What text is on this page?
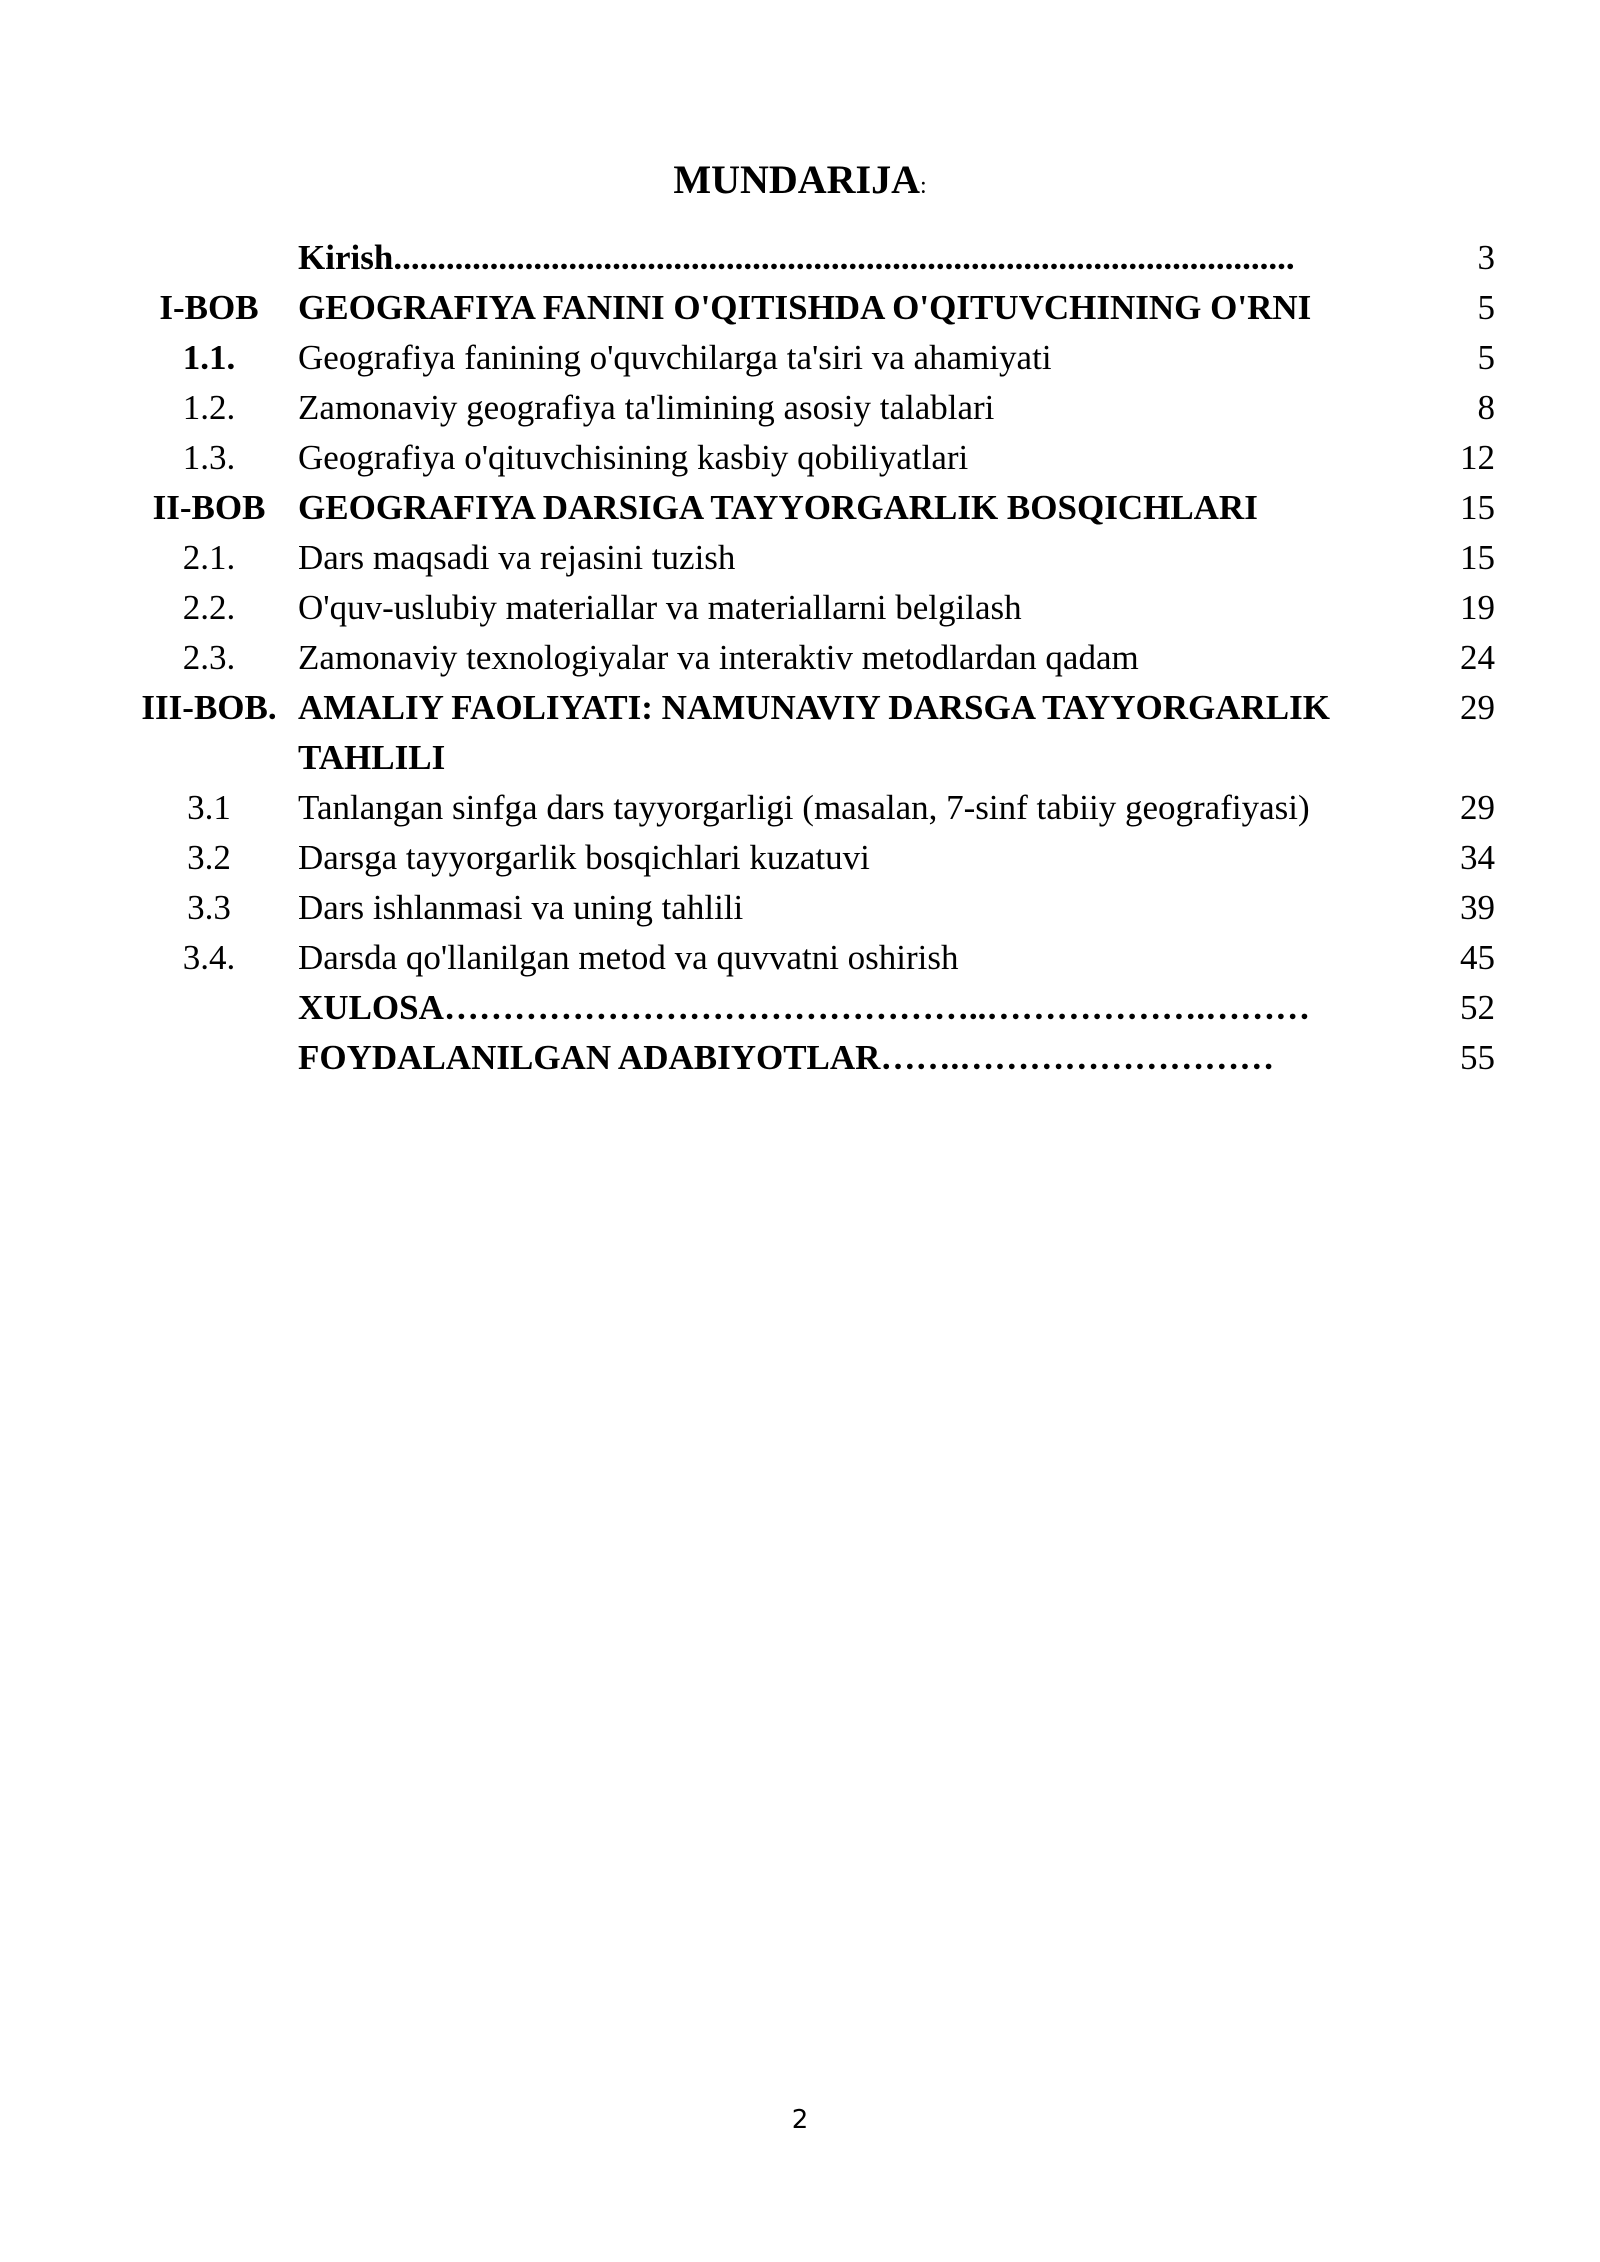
MUNDARIJA:
	Kirish.......................................................................................................	3
I-BOB	GEOGRAFIYA FANINI O'QITISHDA O'QITUVCHINING O'RNI	5
1.1.	Geografiya fanining o'quvchilarga ta'siri va ahamiyati	5
1.2.	Zamonaviy geografiya ta'limining asosiy talablari	8
1.3.	Geografiya o'qituvchisining kasbiy qobiliyatlari	12
II-BOB	GEOGRAFIYA DARSIGA TAYYORGARLIK BOSQICHLARI	15
2.1.	Dars maqsadi va rejasini tuzish	15
2.2.	O'quv-uslubiy materiallar va materiallarni belgilash	19
2.3.	Zamonaviy texnologiyalar va interaktiv metodlardan qadam	24
III-BOB.	AMALIY FAOLIYATI: NAMUNAVIY DARSGA TAYYORGARLIK TAHLILI	29
3.1	Tanlangan sinfga dars tayyorgarligi (masalan, 7-sinf tabiiy geografiyasi)	29
3.2	Darsga tayyorgarlik bosqichlari kuzatuvi	34
3.3	Dars ishlanmasi va uning tahlili	39
3.4.	Darsda qo'llanilgan metod va quvvatni oshirish	45
	XULOSA………………………………………..……………….………	52
	FOYDALANILGAN ADABIYOTLAR…….………………………	55
2
